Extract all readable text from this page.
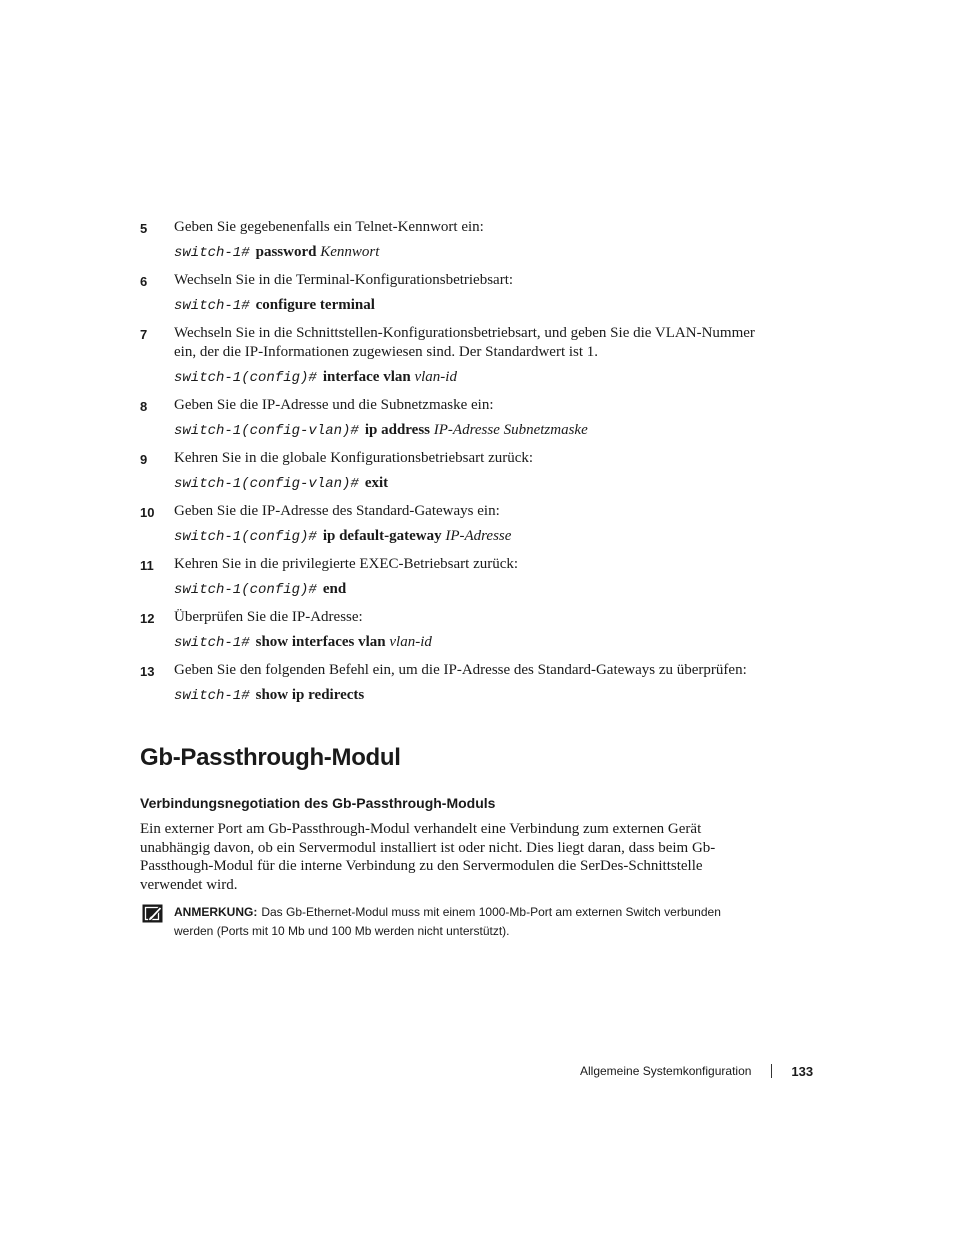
5	Geben Sie gegebenenfalls ein Telnet-Kennwort ein:
switch-1# password Kennwort
6	Wechseln Sie in die Terminal-Konfigurationsbetriebsart:
switch-1# configure terminal
7	Wechseln Sie in die Schnittstellen-Konfigurationsbetriebsart, und geben Sie die VLAN-Nummer ein, der die IP-Informationen zugewiesen sind. Der Standardwert ist 1.
switch-1(config)# interface vlan vlan-id
8	Geben Sie die IP-Adresse und die Subnetzmaske ein:
switch-1(config-vlan)# ip address IP-Adresse Subnetzmaske
9	Kehren Sie in die globale Konfigurationsbetriebsart zurück:
switch-1(config-vlan)# exit
10	Geben Sie die IP-Adresse des Standard-Gateways ein:
switch-1(config)# ip default-gateway IP-Adresse
11	Kehren Sie in die privilegierte EXEC-Betriebsart zurück:
switch-1(config)# end
12	Überprüfen Sie die IP-Adresse:
switch-1# show interfaces vlan vlan-id
13	Geben Sie den folgenden Befehl ein, um die IP-Adresse des Standard-Gateways zu überprüfen:
switch-1# show ip redirects
Gb-Passthrough-Modul
Verbindungsnegotiation des Gb-Passthrough-Moduls

Ein externer Port am Gb-Passthrough-Modul verhandelt eine Verbindung zum externen Gerät unabhängig davon, ob ein Servermodul installiert ist oder nicht. Dies liegt daran, dass beim Gb-Passthough-Modul für die interne Verbindung zu den Servermodulen die SerDes-Schnittstelle verwendet wird.

ANMERKUNG: Das Gb-Ethernet-Modul muss mit einem 1000-Mb-Port am externen Switch verbunden werden (Ports mit 10 Mb und 100 Mb werden nicht unterstützt).
Allgemeine Systemkonfiguration	133
